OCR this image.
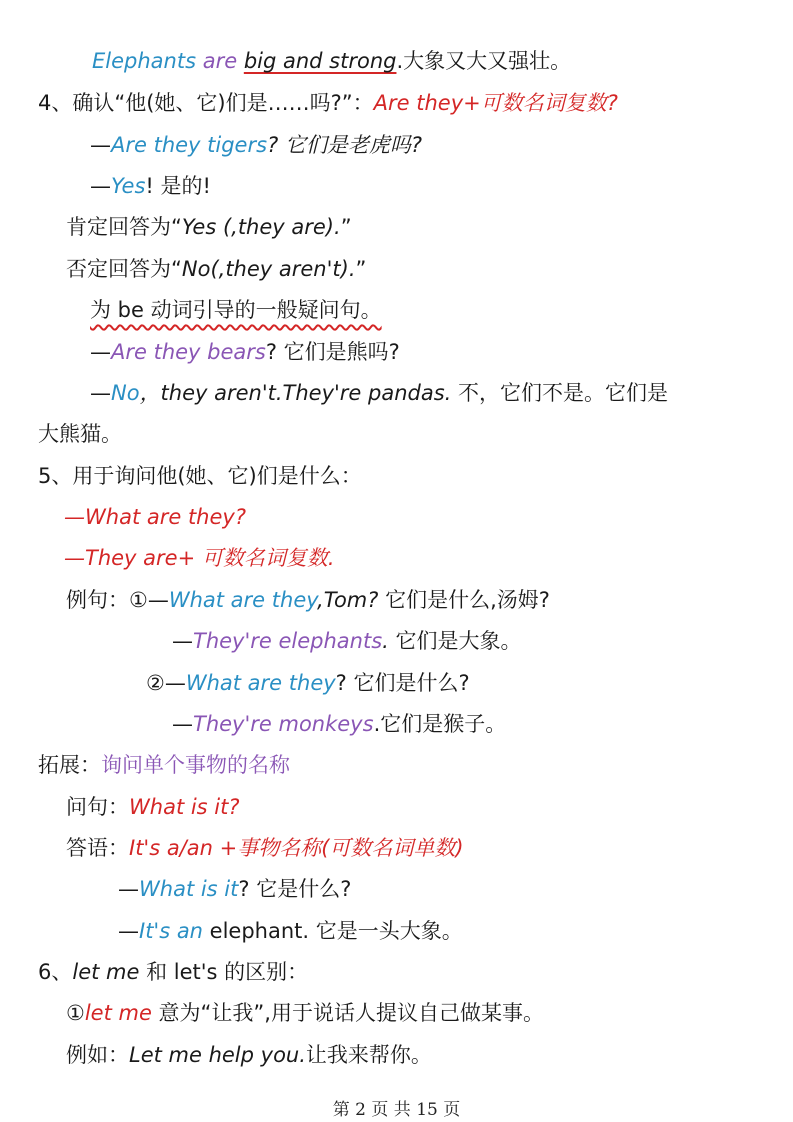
Elephants are big and strong.大象又大又强壮。
4、确认“他(她、它)们是……吗?”：Are they+可数名词复数?
—Are they tigers? 它们是老虎吗?
—Yes! 是的!
肯定回答为“Yes (,they are).”
否定回答为“No(,they aren't).”
为 be 动词引导的一般疑问句。
—Are they bears? 它们是熊吗?
—No，they aren't.They're pandas. 不，它们不是。它们是
大熊猫。
5、用于询问他(她、它)们是什么：
—What are they?
—They are+ 可数名词复数.
例句：①—What are they,Tom? 它们是什么,汤姆?
—They're elephants. 它们是大象。
②—What are they? 它们是什么?
—They're monkeys.它们是猴子。
拓展：询问单个事物的名称
问句：What is it?
答语：It's a/an +事物名称(可数名词单数)
—What is it? 它是什么?
—It's an elephant. 它是一头大象。
6、let me 和 let's 的区别：
①let me 意为“让我”,用于说话人提议自己做某事。
例如：Let me help you.让我来帮你。
第 2 页 共 15 页
